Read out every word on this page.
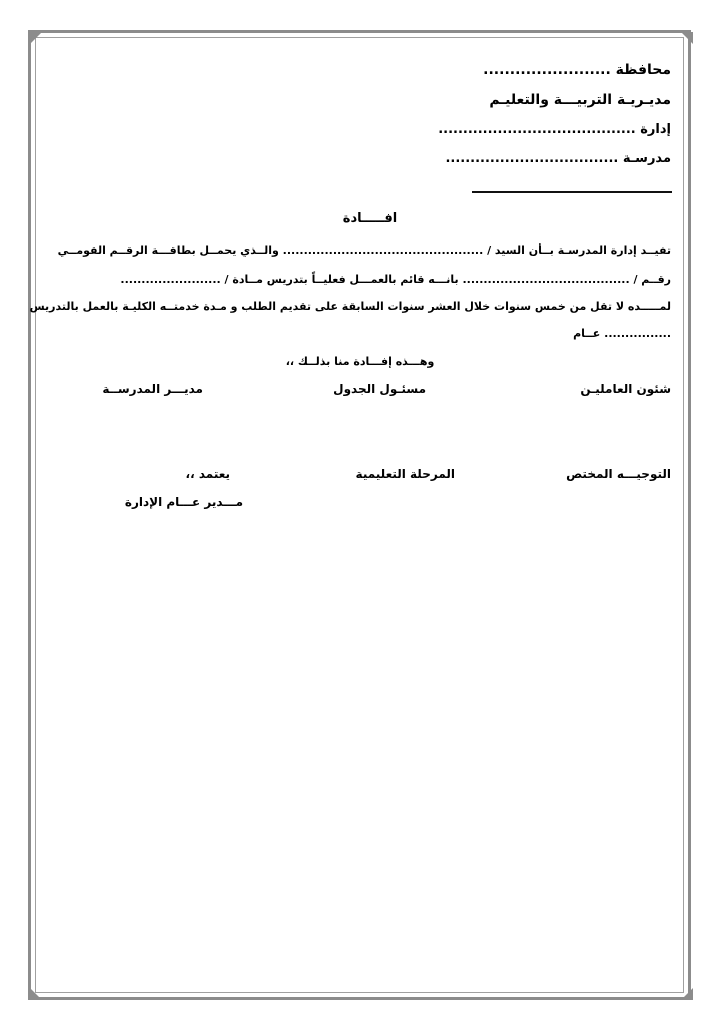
محافظة ........................
مديـريـة التربيـــة والتعليـم
إدارة ........................................
مدرسـة ...................................
افـــــادة
تفيــد إدارة المدرسـة بــأن السيد / ................................................ والــذي يحمــل بطاقـــة الرقــم القومــي
رقــم / ........................................ بانـــه قائم بالعمـــل فعليــاً بتدريس مــادة / ........................
لمـــــده لا تقل من خمس سنوات خلال العشر سنوات السابقة على تقديم الطلب و مـدة خدمتــه الكليـة بالعمل بالتدريس
................ عــام
وهـــذه إفـــادة منا بذلــك ،،
شئون العامليـن
مسئـول الجدول
مديـــر المدرســة
التوجيـــه المختص
المرحلة التعليمية
يعتمد ،،
مـــدير عـــام الإدارة
